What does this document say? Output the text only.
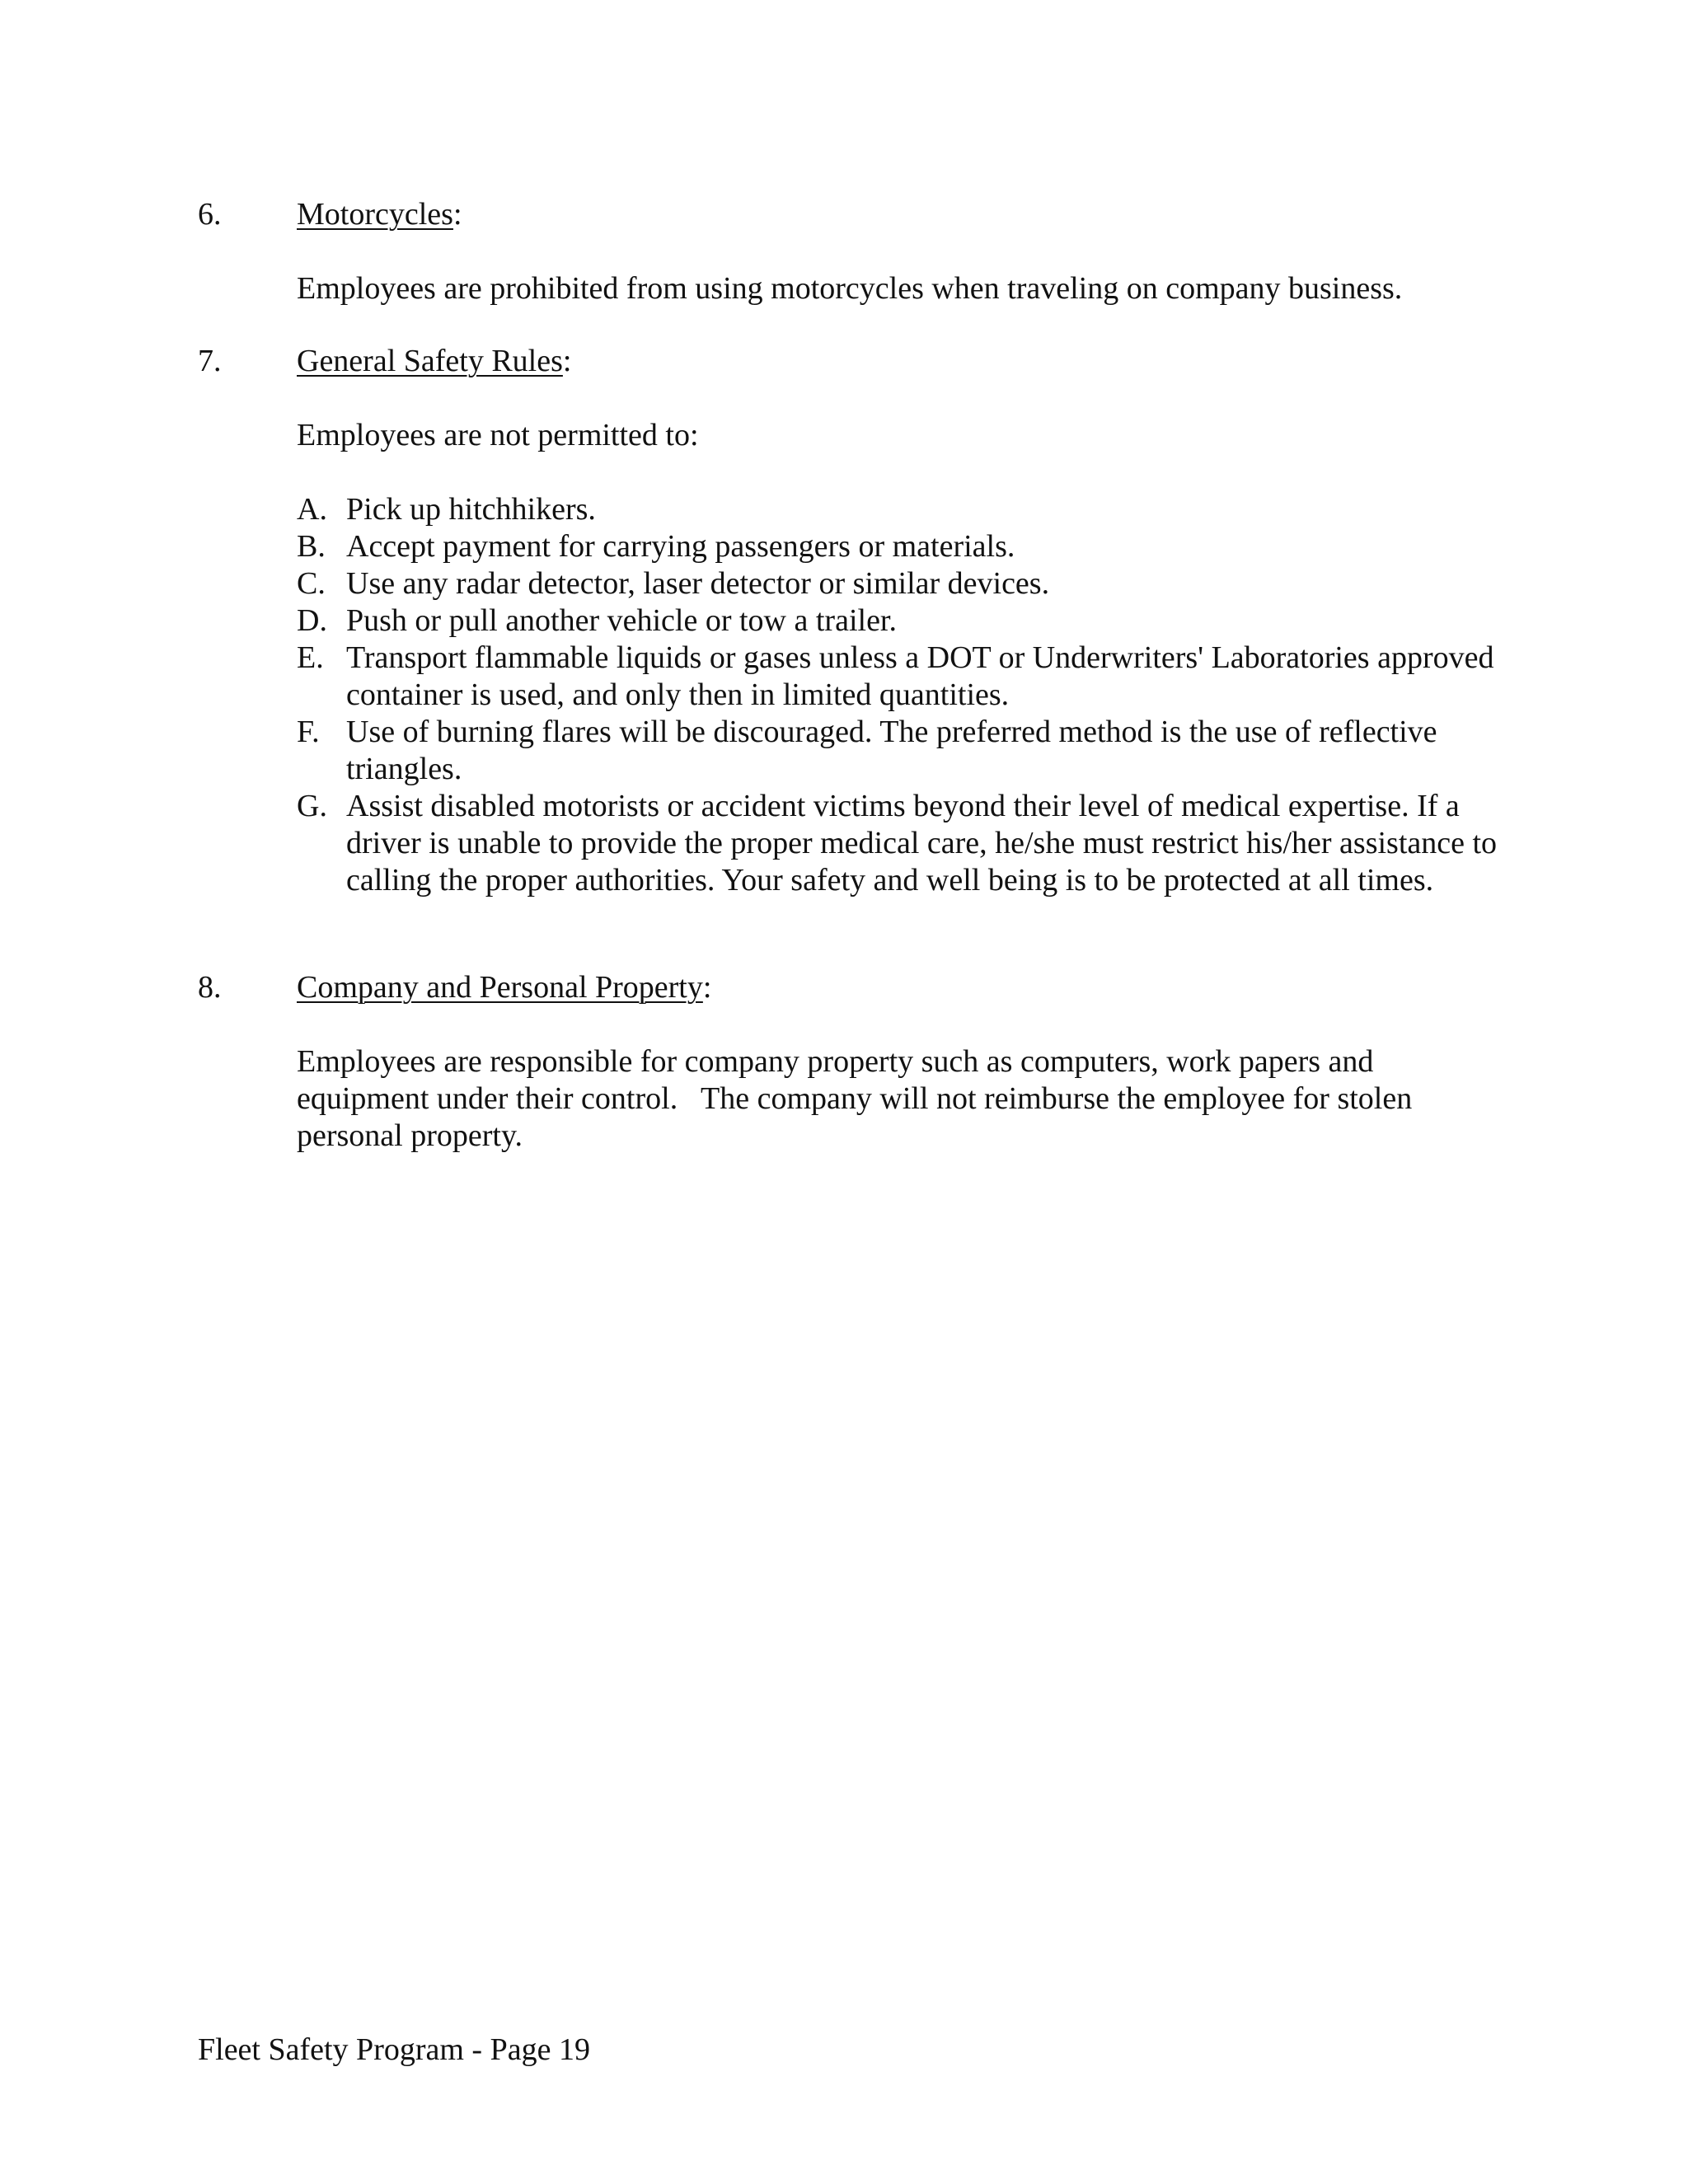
6. Motorcycles:
Employees are prohibited from using motorcycles when traveling on company business.
7. General Safety Rules:
Employees are not permitted to:
A. Pick up hitchhikers.
B. Accept payment for carrying passengers or materials.
C. Use any radar detector, laser detector or similar devices.
D. Push or pull another vehicle or tow a trailer.
E. Transport flammable liquids or gases unless a DOT or Underwriters' Laboratories approved container is used, and only then in limited quantities.
F. Use of burning flares will be discouraged. The preferred method is the use of reflective triangles.
G. Assist disabled motorists or accident victims beyond their level of medical expertise. If a driver is unable to provide the proper medical care, he/she must restrict his/her assistance to calling the proper authorities. Your safety and well being is to be protected at all times.
8. Company and Personal Property:
Employees are responsible for company property such as computers, work papers and equipment under their control.   The company will not reimburse the employee for stolen personal property.
Fleet Safety Program - Page 19
